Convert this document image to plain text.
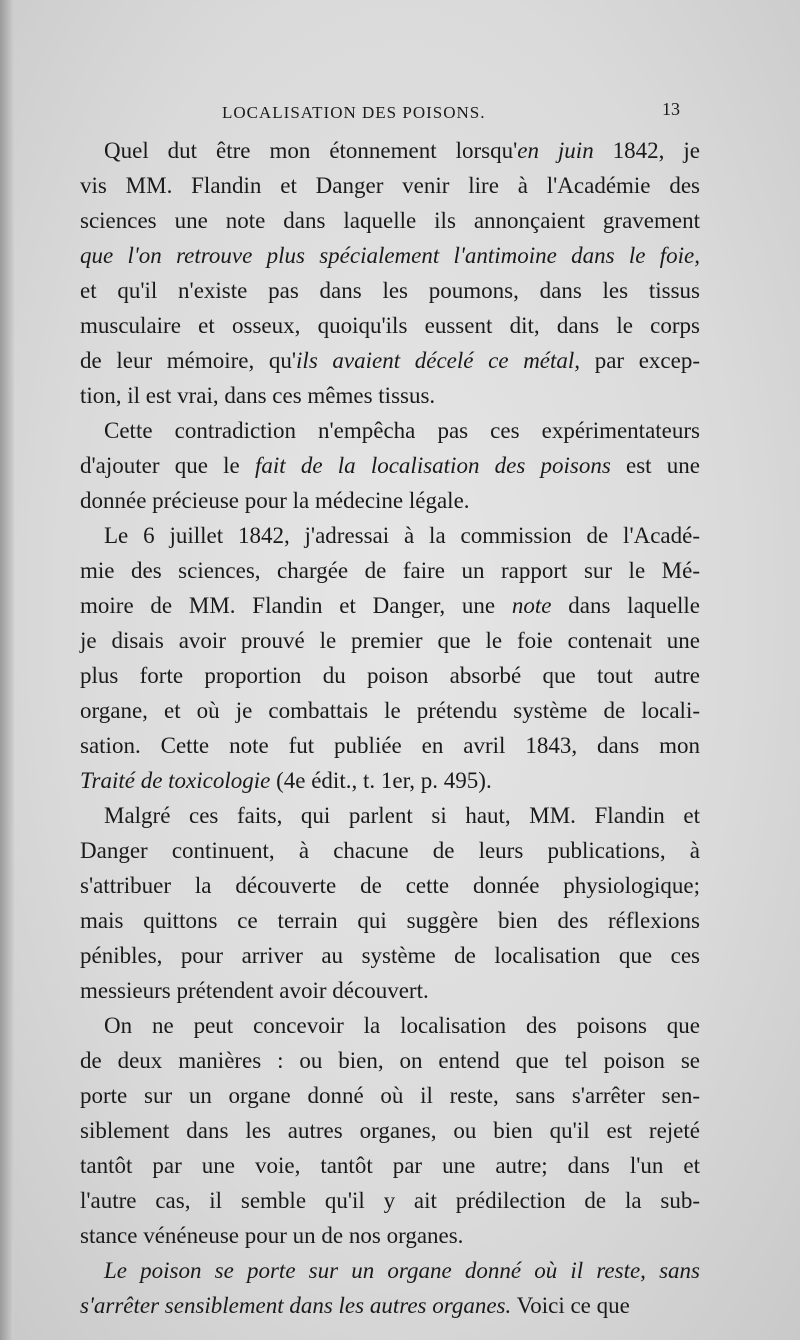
LOCALISATION DES POISONS.	13
Quel dut être mon étonnement lorsqu'en juin 1842, je
vis MM. Flandin et Danger venir lire à l'Académie des
sciences une note dans laquelle ils annonçaient gravement
que l'on retrouve plus spécialement l'antimoine dans le foie,
et qu'il n'existe pas dans les poumons, dans les tissus
musculaire et osseux, quoiqu'ils eussent dit, dans le corps
de leur mémoire, qu'ils avaient décelé ce métal, par excep-
tion, il est vrai, dans ces mêmes tissus.
Cette contradiction n'empêcha pas ces expérimentateurs
d'ajouter que le fait de la localisation des poisons est une
donnée précieuse pour la médecine légale.
Le 6 juillet 1842, j'adressai à la commission de l'Acadé-
mie des sciences, chargée de faire un rapport sur le Mé-
moire de MM. Flandin et Danger, une note dans laquelle
je disais avoir prouvé le premier que le foie contenait une
plus forte proportion du poison absorbé que tout autre
organe, et où je combattais le prétendu système de locali-
sation. Cette note fut publiée en avril 1843, dans mon
Traité de toxicologie (4e édit., t. 1er, p. 495).
Malgré ces faits, qui parlent si haut, MM. Flandin et
Danger continuent, à chacune de leurs publications, à
s'attribuer la découverte de cette donnée physiologique;
mais quittons ce terrain qui suggère bien des réflexions
pénibles, pour arriver au système de localisation que ces
messieurs prétendent avoir découvert.
On ne peut concevoir la localisation des poisons que
de deux manières : ou bien, on entend que tel poison se
porte sur un organe donné où il reste, sans s'arrêter sen-
siblement dans les autres organes, ou bien qu'il est rejeté
tantôt par une voie, tantôt par une autre; dans l'un et
l'autre cas, il semble qu'il y ait prédilection de la sub-
stance vénéneuse pour un de nos organes.
Le poison se porte sur un organe donné où il reste, sans
s'arrêter sensiblement dans les autres organes. Voici ce que
